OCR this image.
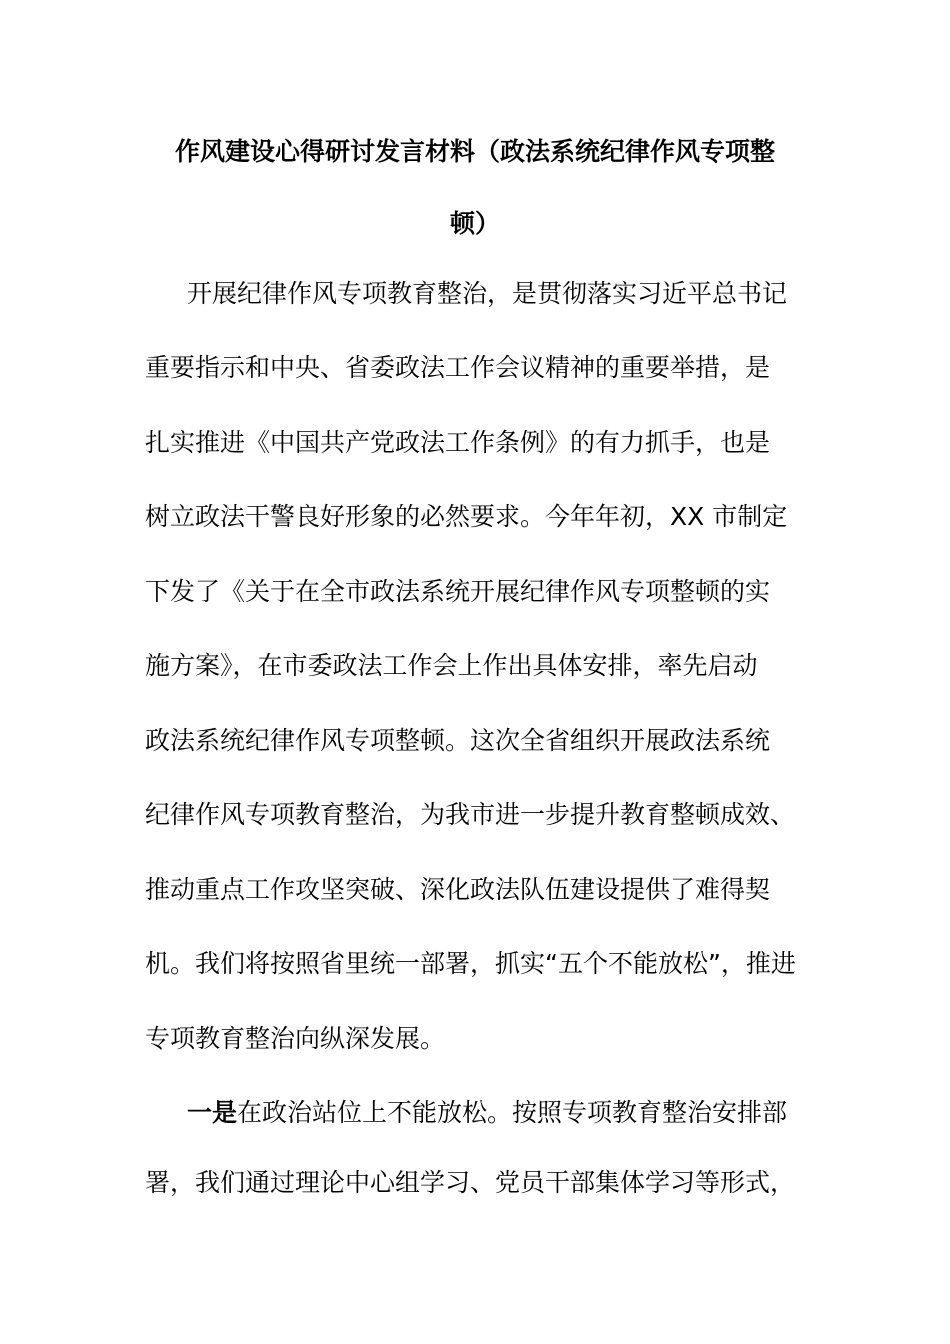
作风建设心得研讨发言材料（政法系统纪律作风专项整

顿）

开展纪律作风专项教育整治，是贯彻落实习近平总书记

重要指示和中央、省委政法工作会议精神的重要举措，是

扎实推进《中国共产党政法工作条例》的有力抓手，也是

树立政法干警良好形象的必然要求。今年年初，XX 市制定

下发了《关于在全市政法系统开展纪律作风专项整顿的实

施方案》，在市委政法工作会上作出具体安排，率先启动

政法系统纪律作风专项整顿。这次全省组织开展政法系统

纪律作风专项教育整治，为我市进一步提升教育整顿成效、

推动重点工作攻坚突破、深化政法队伍建设提供了难得契

机。我们将按照省里统一部署，抓实“五个不能放松”，推进

专项教育整治向纵深发展。

一是在政治站位上不能放松。按照专项教育整治安排部

署，我们通过理论中心组学习、党员干部集体学习等形式，
